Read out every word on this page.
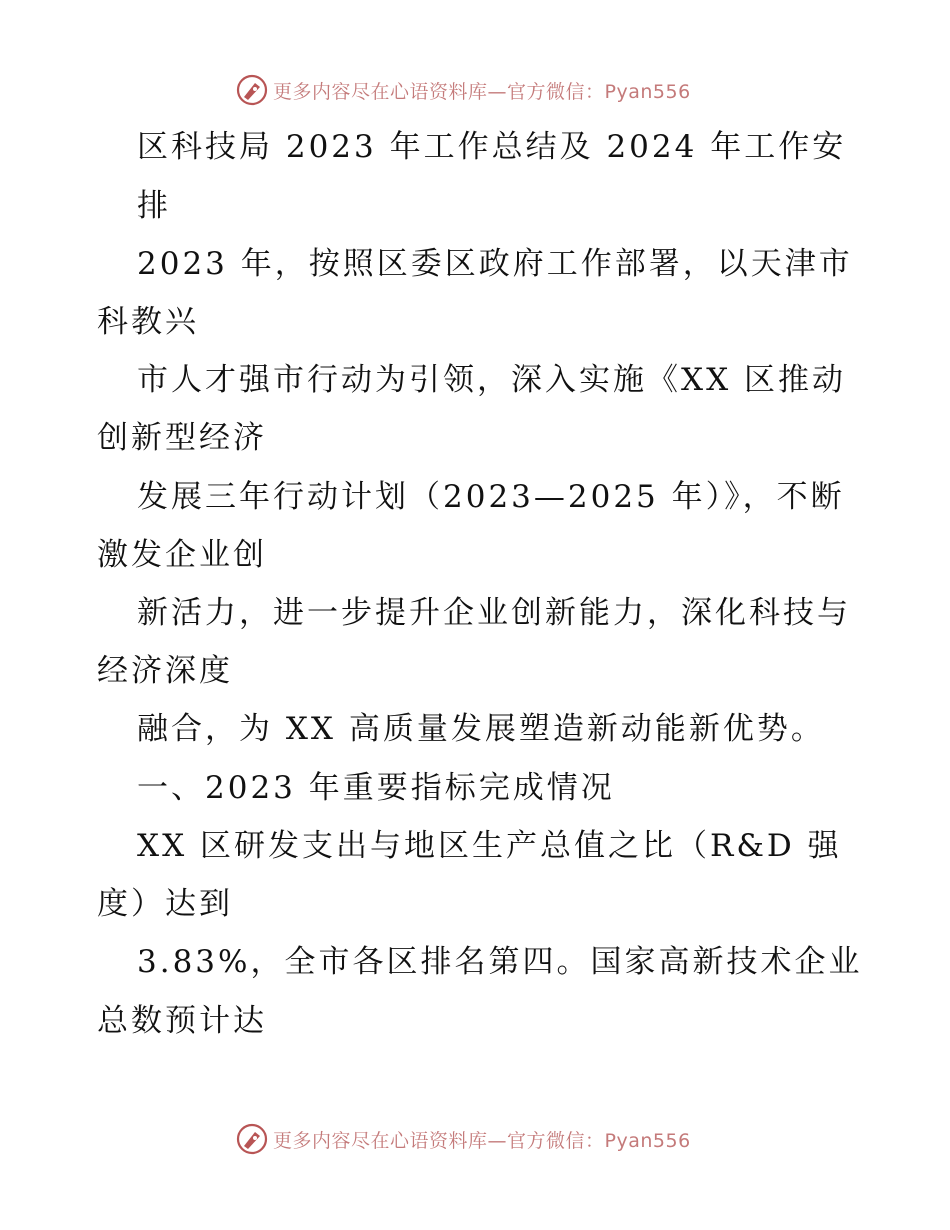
更多内容尽在心语资料库—官方微信：Pyan556
区科技局 2023 年工作总结及 2024 年工作安
排
2023 年，按照区委区政府工作部署，以天津市
科教兴
市人才强市行动为引领，深入实施《XX 区推动
创新型经济
发展三年行动计划（2023—2025 年）》，不断
激发企业创
新活力，进一步提升企业创新能力，深化科技与
经济深度
融合，为 XX 高质量发展塑造新动能新优势。
一、2023 年重要指标完成情况
XX 区研发支出与地区生产总值之比（R&D 强
度）达到
3.83%，全市各区排名第四。国家高新技术企业
总数预计达
更多内容尽在心语资料库—官方微信：Pyan556
